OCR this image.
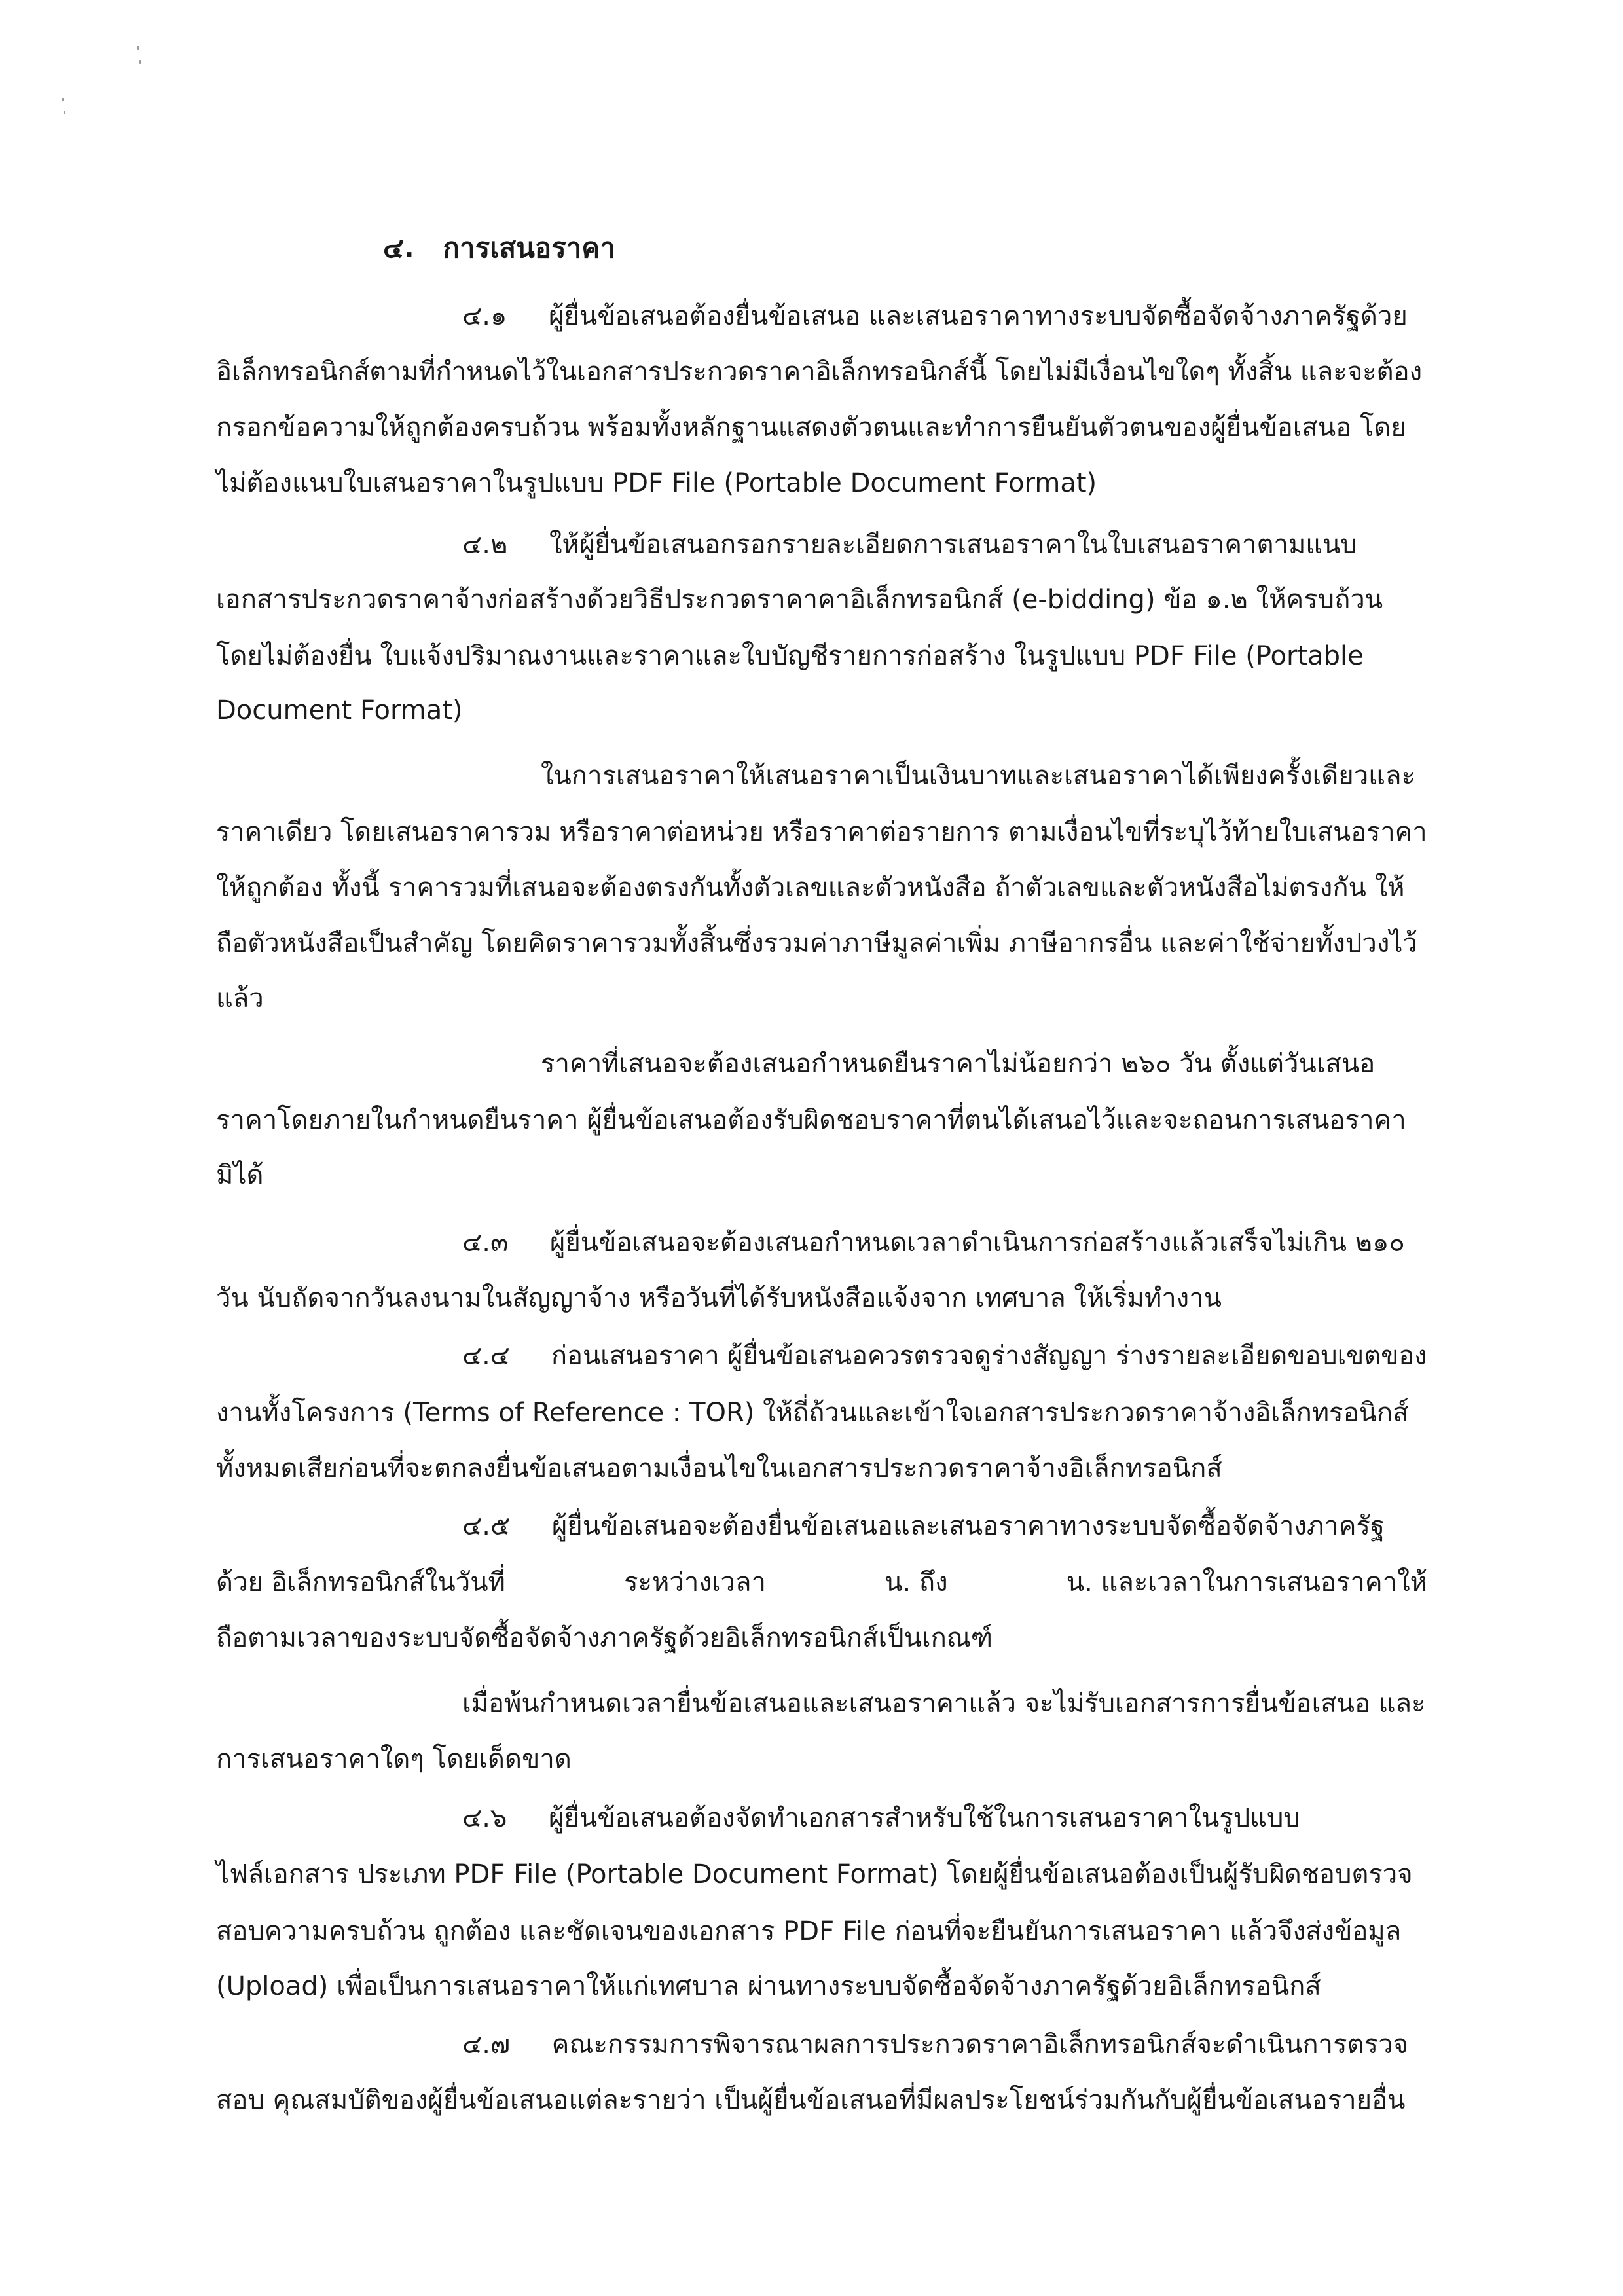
๔. การเสนอราคา
๔.๑ ผู้ยื่นข้อเสนอต้องยื่นข้อเสนอ และเสนอราคาทางระบบจัดซื้อจัดจ้างภาครัฐด้วย
อิเล็กทรอนิกส์ตามที่กำหนดไว้ในเอกสารประกวดราคาอิเล็กทรอนิกส์นี้ โดยไม่มีเงื่อนไขใดๆ ทั้งสิ้น และจะต้อง
กรอกข้อความให้ถูกต้องครบถ้วน พร้อมทั้งหลักฐานแสดงตัวตนและทำการยืนยันตัวตนของผู้ยื่นข้อเสนอ โดย
ไม่ต้องแนบใบเสนอราคาในรูปแบบ PDF File (Portable Document Format)
๔.๒ ให้ผู้ยื่นข้อเสนอกรอกรายละเอียดการเสนอราคาในใบเสนอราคาตามแนบ
เอกสารประกวดราคาจ้างก่อสร้างด้วยวิธีประกวดราคาคาอิเล็กทรอนิกส์ (e-bidding) ข้อ ๑.๒ ให้ครบถ้วน
โดยไม่ต้องยื่น ใบแจ้งปริมาณงานและราคาและใบบัญชีรายการก่อสร้าง ในรูปแบบ PDF File (Portable
Document Format)
ในการเสนอราคาให้เสนอราคาเป็นเงินบาทและเสนอราคาได้เพียงครั้งเดียวและ
ราคาเดียว โดยเสนอราคารวม หรือราคาต่อหน่วย หรือราคาต่อรายการ ตามเงื่อนไขที่ระบุไว้ท้ายใบเสนอราคา
ให้ถูกต้อง ทั้งนี้ ราคารวมที่เสนอจะต้องตรงกันทั้งตัวเลขและตัวหนังสือ ถ้าตัวเลขและตัวหนังสือไม่ตรงกัน ให้
ถือตัวหนังสือเป็นสำคัญ โดยคิดราคารวมทั้งสิ้นซึ่งรวมค่าภาษีมูลค่าเพิ่ม ภาษีอากรอื่น และค่าใช้จ่ายทั้งปวงไว้
แล้ว
ราคาที่เสนอจะต้องเสนอกำหนดยืนราคาไม่น้อยกว่า ๒๖๐ วัน ตั้งแต่วันเสนอ
ราคาโดยภายในกำหนดยืนราคา ผู้ยื่นข้อเสนอต้องรับผิดชอบราคาที่ตนได้เสนอไว้และจะถอนการเสนอราคา
มิได้
๔.๓ ผู้ยื่นข้อเสนอจะต้องเสนอกำหนดเวลาดำเนินการก่อสร้างแล้วเสร็จไม่เกิน ๒๑๐
วัน นับถัดจากวันลงนามในสัญญาจ้าง หรือวันที่ได้รับหนังสือแจ้งจาก เทศบาล ให้เริ่มทำงาน
๔.๔ ก่อนเสนอราคา ผู้ยื่นข้อเสนอควรตรวจดูร่างสัญญา ร่างรายละเอียดขอบเขตของ
งานทั้งโครงการ (Terms of Reference : TOR) ให้ถี่ถ้วนและเข้าใจเอกสารประกวดราคาจ้างอิเล็กทรอนิกส์
ทั้งหมดเสียก่อนที่จะตกลงยื่นข้อเสนอตามเงื่อนไขในเอกสารประกวดราคาจ้างอิเล็กทรอนิกส์
๔.๕ ผู้ยื่นข้อเสนอจะต้องยื่นข้อเสนอและเสนอราคาทางระบบจัดซื้อจัดจ้างภาครัฐ
ด้วย อิเล็กทรอนิกส์ในวันที่	ระหว่างเวลา	น. ถึง	น. และเวลาในการเสนอราคาให้
ถือตามเวลาของระบบจัดซื้อจัดจ้างภาครัฐด้วยอิเล็กทรอนิกส์เป็นเกณฑ์
เมื่อพ้นกำหนดเวลายื่นข้อเสนอและเสนอราคาแล้ว จะไม่รับเอกสารการยื่นข้อเสนอ และ
การเสนอราคาใดๆ โดยเด็ดขาด
๔.๖ ผู้ยื่นข้อเสนอต้องจัดทำเอกสารสำหรับใช้ในการเสนอราคาในรูปแบบ
ไฟล์เอกสาร ประเภท PDF File (Portable Document Format) โดยผู้ยื่นข้อเสนอต้องเป็นผู้รับผิดชอบตรวจ
สอบความครบถ้วน ถูกต้อง และชัดเจนของเอกสาร PDF File ก่อนที่จะยืนยันการเสนอราคา แล้วจึงส่งข้อมูล
(Upload) เพื่อเป็นการเสนอราคาให้แก่เทศบาล ผ่านทางระบบจัดซื้อจัดจ้างภาครัฐด้วยอิเล็กทรอนิกส์
๔.๗ คณะกรรมการพิจารณาผลการประกวดราคาอิเล็กทรอนิกส์จะดำเนินการตรวจ
สอบ คุณสมบัติของผู้ยื่นข้อเสนอแต่ละรายว่า เป็นผู้ยื่นข้อเสนอที่มีผลประโยชน์ร่วมกันกับผู้ยื่นข้อเสนอรายอื่น
